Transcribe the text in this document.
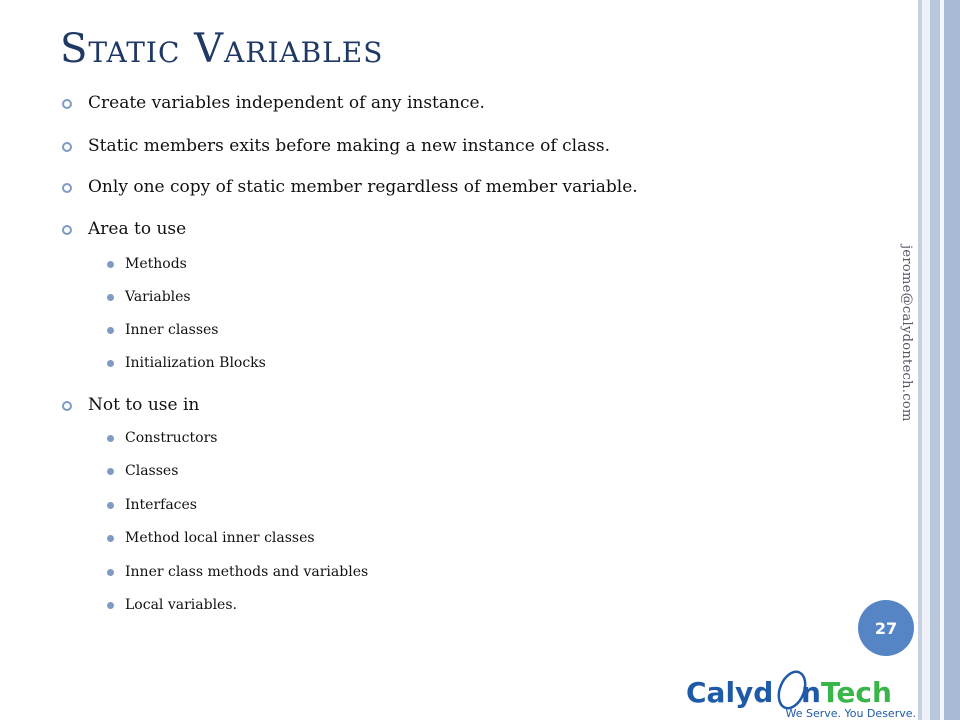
Static Variables
Create variables independent of any instance.
Static members exits before making a new instance of class.
Only one copy of static member regardless of member variable.
Area to use
Methods
Variables
Inner classes
Initialization Blocks
Not to use in
Constructors
Classes
Interfaces
Method local inner classes
Inner class methods and variables
Local variables.
jerome@calydontech.com
27
Calyd n Tech
We Serve. You Deserve.
